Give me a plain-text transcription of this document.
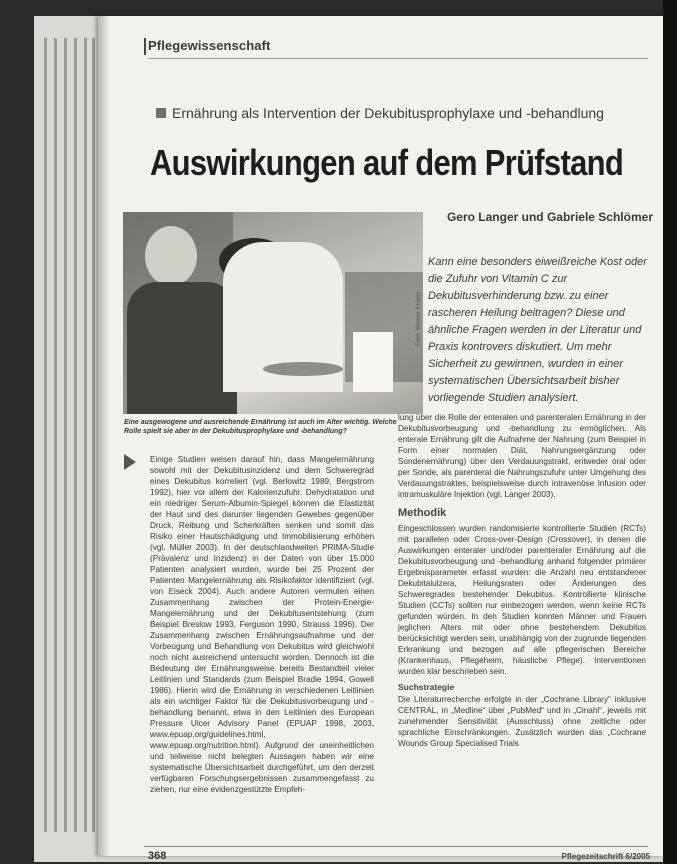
Pflegewissenschaft
Ernährung als Intervention der Dekubitusprophylaxe und -behandlung
Auswirkungen auf dem Prüfstand
Gero Langer und Gabriele Schlömer
Foto: Werner Krüper
Kann eine besonders eiweißreiche Kost oder die Zufuhr von Vitamin C zur Dekubitusverhinderung bzw. zu einer rascheren Heilung beitragen? Diese und ähnliche Fragen werden in der Literatur und Praxis kontrovers diskutiert. Um mehr Sicherheit zu gewinnen, wurden in einer systematischen Übersichtsarbeit bisher vorliegende Studien analysiert.
Eine ausgewogene und ausreichende Ernährung ist auch im Alter wichtig. Welche Rolle spielt sie aber in der Dekubitusprophylaxe und -behandlung?

Einige Studien weisen darauf hin, dass Mangelernährung sowohl mit der Dekubitusinzidenz und dem Schweregrad eines Dekubitus korreliert (vgl. Berlowitz 1989, Bergstrom 1992), hier vor allem der Kalorienzufuhr. Dehydratation und ein niedriger Serum-Albumin-Spiegel können die Elastizität der Haut und des darunter liegenden Gewebes gegenüber Druck, Reibung und Scherkräften senken und somit das Risiko einer Hautschädigung und Immobilisierung erhöhen (vgl. Müller 2003). In der deutschlandweiten PRIMA-Studie (Prävalenz und Inzidenz) in der Daten von über 15.000 Patienten analysiert wurden, wurde bei 25 Prozent der Patienten Mangelernährung als Risikofaktor identifiziert (vgl. von Eiseck 2004). Auch andere Autoren vermuten einen Zusammenhang zwischen der Protein-Energie-Mangelernährung und der Dekubitusentstehung (zum Beispiel Breslow 1993, Ferguson 1990, Strauss 1996). Der Zusammenhang zwischen Ernährungsaufnahme und der Vorbeugung und Behandlung von Dekubitus wird gleichwohl noch nicht ausreichend untersucht worden. Dennoch ist die Bedeutung der Ernährungsweise bereits Bestandteil vieler Leitlinien und Standards (zum Beispiel Bradie 1994, Gowell 1986). Hierin wird die Ernährung in verschiedenen Leitlinien als ein wichtiger Faktor für die Dekubitusvorbeugung und -behandlung benannt, etwa in den Leitlinien des European Pressure Ulcer Advisory Panel (EPUAP 1998, 2003, www.epuap.org/guidelines.html, www.epuap.org/nutrition.html). Aufgrund der uneinheitlichen und teilweise nicht belegten Aussagen haben wir eine systematische Übersichtsarbeit durchgeführt, um den derzeit verfügbaren Forschungsergebnissen zusammengefasst zu ziehen, nur eine evidenzgestützte Empfeh-

lung über die Rolle der enteralen und parenteralen Ernährung in der Dekubitusvorbeugung und -behandlung zu ermöglichen. Als enterale Ernährung gilt die Aufnahme der Nahrung (zum Beispiel in Form einer normalen Diät, Nahrungsergänzung oder Sondenernährung) über den Verdauungstrakt, entweder oral oder per Sonde, als parenteral die Nahrungszufuhr unter Umgehung des Verdauungstraktes, beispielsweise durch intravenöse Infusion oder intramuskuläre Injektion (vgl. Langer 2003).

Methodik

Eingeschlossen wurden randomisierte kontrollierte Studien (RCTs) mit parallelen oder Cross-over-Design (Crossover), in denen die Auswirkungen enteraler und/oder parenteraler Ernährung auf die Dekubitusvorbeugung und -behandlung anhand folgender primärer Ergebnisparameter erfasst wurden: die Anzahl neu entstandener Dekubitalulzera, Heilungsraten oder Änderungen des Schweregrades bestehender Dekubitus. Kontrollierte klinische Studien (CCTs) sollten nur einbezogen werden, wenn keine RCTs gefunden würden. In den Studien konnten Männer und Frauen jeglichen Alters mit oder ohne bestehendem Dekubitus berücksichtigt werden sein, unabhängig von der zugrunde liegenden Erkrankung und bezogen auf alle pflegerischen Bereiche (Krankenhaus, Pflegeheim, häusliche Pflege). Interventionen wurden klar beschrieben sein.

Suchstrategie

Die Literaturrecherche erfolgte in der „Cochrane Library“ inklusive CENTRAL, in „Medline“ über „PubMed“ und in „Cinahl“, jeweils mit zunehmender Sensitivität (Ausschluss) ohne zeitliche oder sprachliche Einschränkungen. Zusätzlich wurden das „Cochrane Wounds Group Specialised Trials

368	Pflegezeitschrift 6/2005
